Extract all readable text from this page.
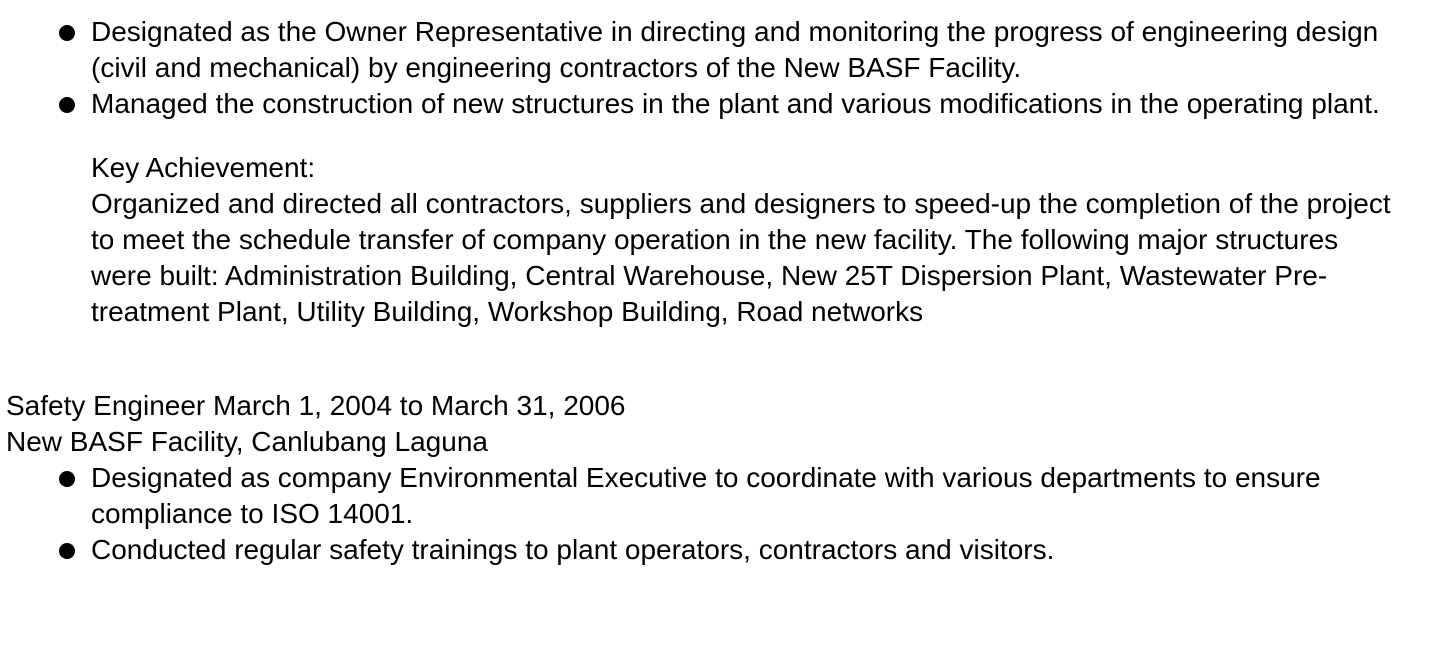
Designated as the Owner Representative in directing and monitoring the progress of engineering design (civil and mechanical) by engineering contractors of the New BASF Facility.
Managed the construction of new structures in the plant and various modifications in the operating plant.
Key Achievement:
Organized and directed all contractors, suppliers and designers to speed-up the completion of the project to meet the schedule transfer of company operation in the new facility. The following major structures were built: Administration Building, Central Warehouse, New 25T Dispersion Plant, Wastewater Pre-treatment Plant, Utility Building, Workshop Building, Road networks
Safety Engineer March 1, 2004 to March 31, 2006
New BASF Facility, Canlubang Laguna
Designated as company Environmental Executive to coordinate with various departments to ensure compliance to ISO 14001.
Conducted regular safety trainings to plant operators, contractors and visitors.
